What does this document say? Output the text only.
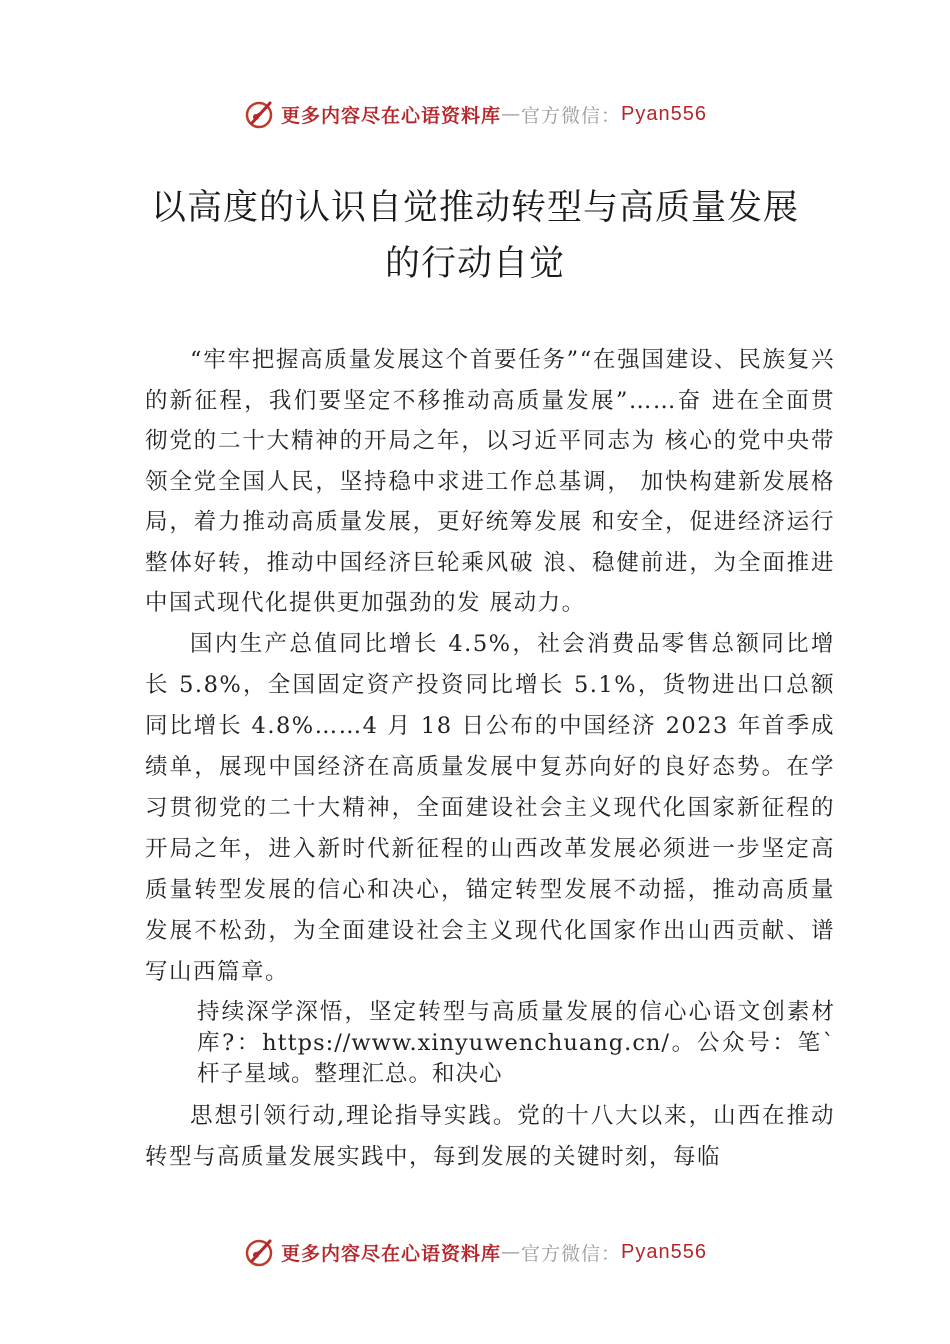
更多内容尽在心语资料库 — 官方微信： Pyan556
以高度的认识自觉推动转型与高质量发展
的行动自觉

“牢牢把握高质量发展这个首要任务”“在强国建设、民族复兴的新征程，我们要坚定不移推动高质量发展”……奋 进在全面贯彻党的二十大精神的开局之年，以习近平同志为 核心的党中央带领全党全国人民，坚持稳中求进工作总基调， 加快构建新发展格局，着力推动高质量发展，更好统筹发展 和安全，促进经济运行整体好转，推动中国经济巨轮乘风破 浪、稳健前进，为全面推进中国式现代化提供更加强劲的发 展动力。

国内生产总值同比增长 4.5%，社会消费品零售总额同比增长 5.8%，全国固定资产投资同比增长 5.1%，货物进出口总额同比增长 4.8%……4 月 18 日公布的中国经济 2023 年首季成绩单，展现中国经济在高质量发展中复苏向好的良好态势。在学习贯彻党的二十大精神，全面建设社会主义现代化国家新征程的开局之年，进入新时代新征程的山西改革发展必须进一步坚定高质量转型发展的信心和决心，锚定转型发展不动摇，推动高质量发展不松劲，为全面建设社会主义现代化国家作出山西贡献、谱写山西篇章。

持续深学深悟，坚定转型与高质量发展的信心心语文创素材库?：https://www.xinyuwenchuang.cn/。公众号：笔`杆子星域。整理汇总。和决心

思想引领行动,理论指导实践。党的十八大以来，山西在推动转型与高质量发展实践中，每到发展的关键时刻，每临

更多内容尽在心语资料库 — 官方微信： Pyan556
